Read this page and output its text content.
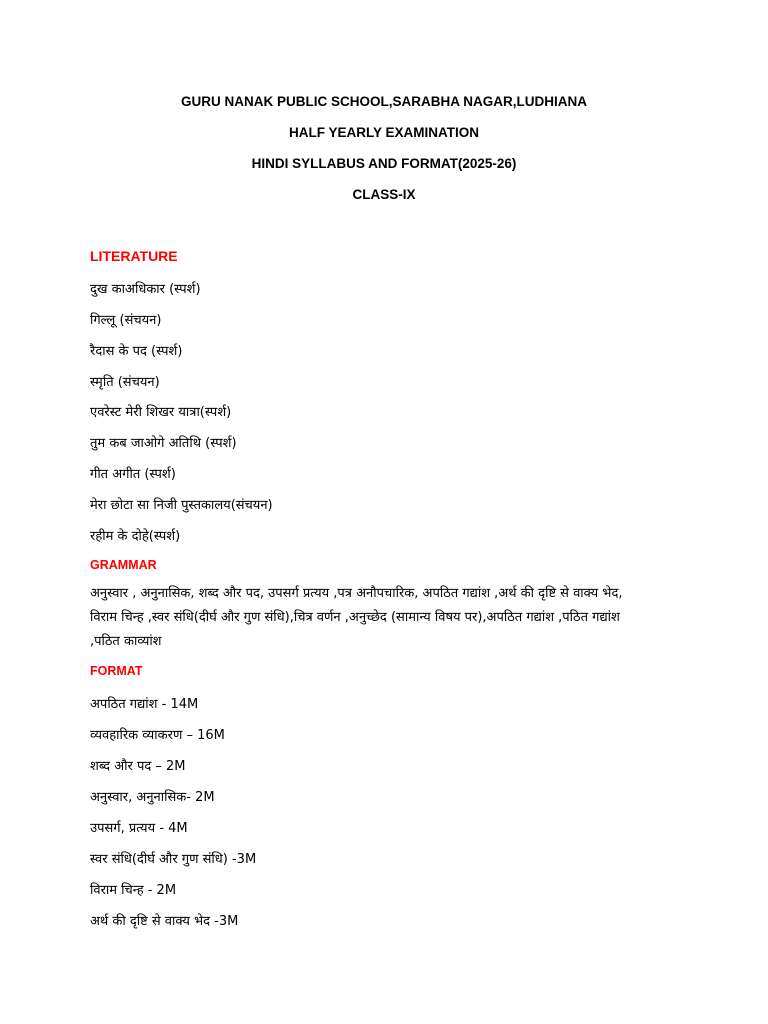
GURU NANAK PUBLIC SCHOOL,SARABHA NAGAR,LUDHIANA
HALF YEARLY EXAMINATION
HINDI SYLLABUS AND FORMAT(2025-26)
CLASS-IX
LITERATURE
दुख काअधिकार (स्पर्श)
गिल्लू (संचयन)
रैदास के पद (स्पर्श)
स्मृति (संचयन)
एवरेस्ट मेरी शिखर यात्रा(स्पर्श)
तुम कब जाओगे अतिथि (स्पर्श)
गीत अगीत (स्पर्श)
मेरा छोटा सा निजी पुस्तकालय(संचयन)
रहीम के दोहे(स्पर्श)
GRAMMAR
अनुस्वार , अनुनासिक, शब्द और पद, उपसर्ग प्रत्यय ,पत्र अनौपचारिक, अपठित गद्यांश ,अर्थ की दृष्टि से वाक्य भेद,
विराम चिन्ह ,स्वर संधि(दीर्घ और गुण संधि),चित्र वर्णन ,अनुच्छेद (सामान्य विषय पर),अपठित गद्यांश ,पठित गद्यांश
,पठित काव्यांश
FORMAT
अपठित गद्यांश - 14M
व्यवहारिक व्याकरण – 16M
शब्द और पद – 2M
अनुस्वार, अनुनासिक- 2M
उपसर्ग, प्रत्यय - 4M
स्वर संधि(दीर्घ और गुण संधि) -3M
विराम चिन्ह - 2M
अर्थ की दृष्टि से वाक्य भेद -3M
